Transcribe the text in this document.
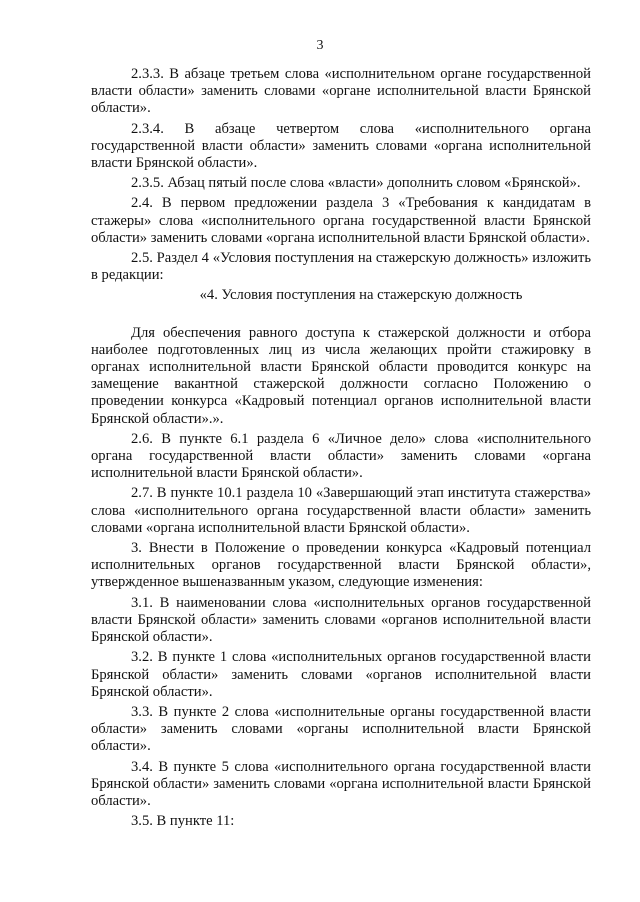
3

2.3.3. В абзаце третьем слова «исполнительном органе государственной власти области» заменить словами «органе исполнительной власти Брянской области».

2.3.4. В абзаце четвертом слова «исполнительного органа государственной власти области» заменить словами «органа исполнительной власти Брянской области».

2.3.5. Абзац пятый после слова «власти» дополнить словом «Брянской».

2.4. В первом предложении раздела 3 «Требования к кандидатам в стажеры» слова «исполнительного органа государственной власти Брянской области» заменить словами «органа исполнительной власти Брянской области».

2.5. Раздел 4 «Условия поступления на стажерскую должность» изложить в редакции:

«4. Условия поступления на стажерскую должность

Для обеспечения равного доступа к стажерской должности и отбора наиболее подготовленных лиц из числа желающих пройти стажировку в органах исполнительной власти Брянской области проводится конкурс на замещение вакантной стажерской должности согласно Положению о проведении конкурса «Кадровый потенциал органов исполнительной власти Брянской области».».

2.6. В пункте 6.1 раздела 6 «Личное дело» слова «исполнительного органа государственной власти области» заменить словами «органа исполнительной власти Брянской области».

2.7. В пункте 10.1 раздела 10 «Завершающий этап института стажерства» слова «исполнительного органа государственной власти области» заменить словами «органа исполнительной власти Брянской области».

3. Внести в Положение о проведении конкурса «Кадровый потенциал исполнительных органов государственной власти Брянской области», утвержденное вышеназванным указом, следующие изменения:

3.1. В наименовании слова «исполнительных органов государственной власти Брянской области» заменить словами «органов исполнительной власти Брянской области».

3.2. В пункте 1 слова «исполнительных органов государственной власти Брянской области» заменить словами «органов исполнительной власти Брянской области».

3.3. В пункте 2 слова «исполнительные органы государственной власти области» заменить словами «органы исполнительной власти Брянской области».

3.4. В пункте 5 слова «исполнительного органа государственной власти Брянской области» заменить словами «органа исполнительной власти Брянской области».

3.5. В пункте 11:
